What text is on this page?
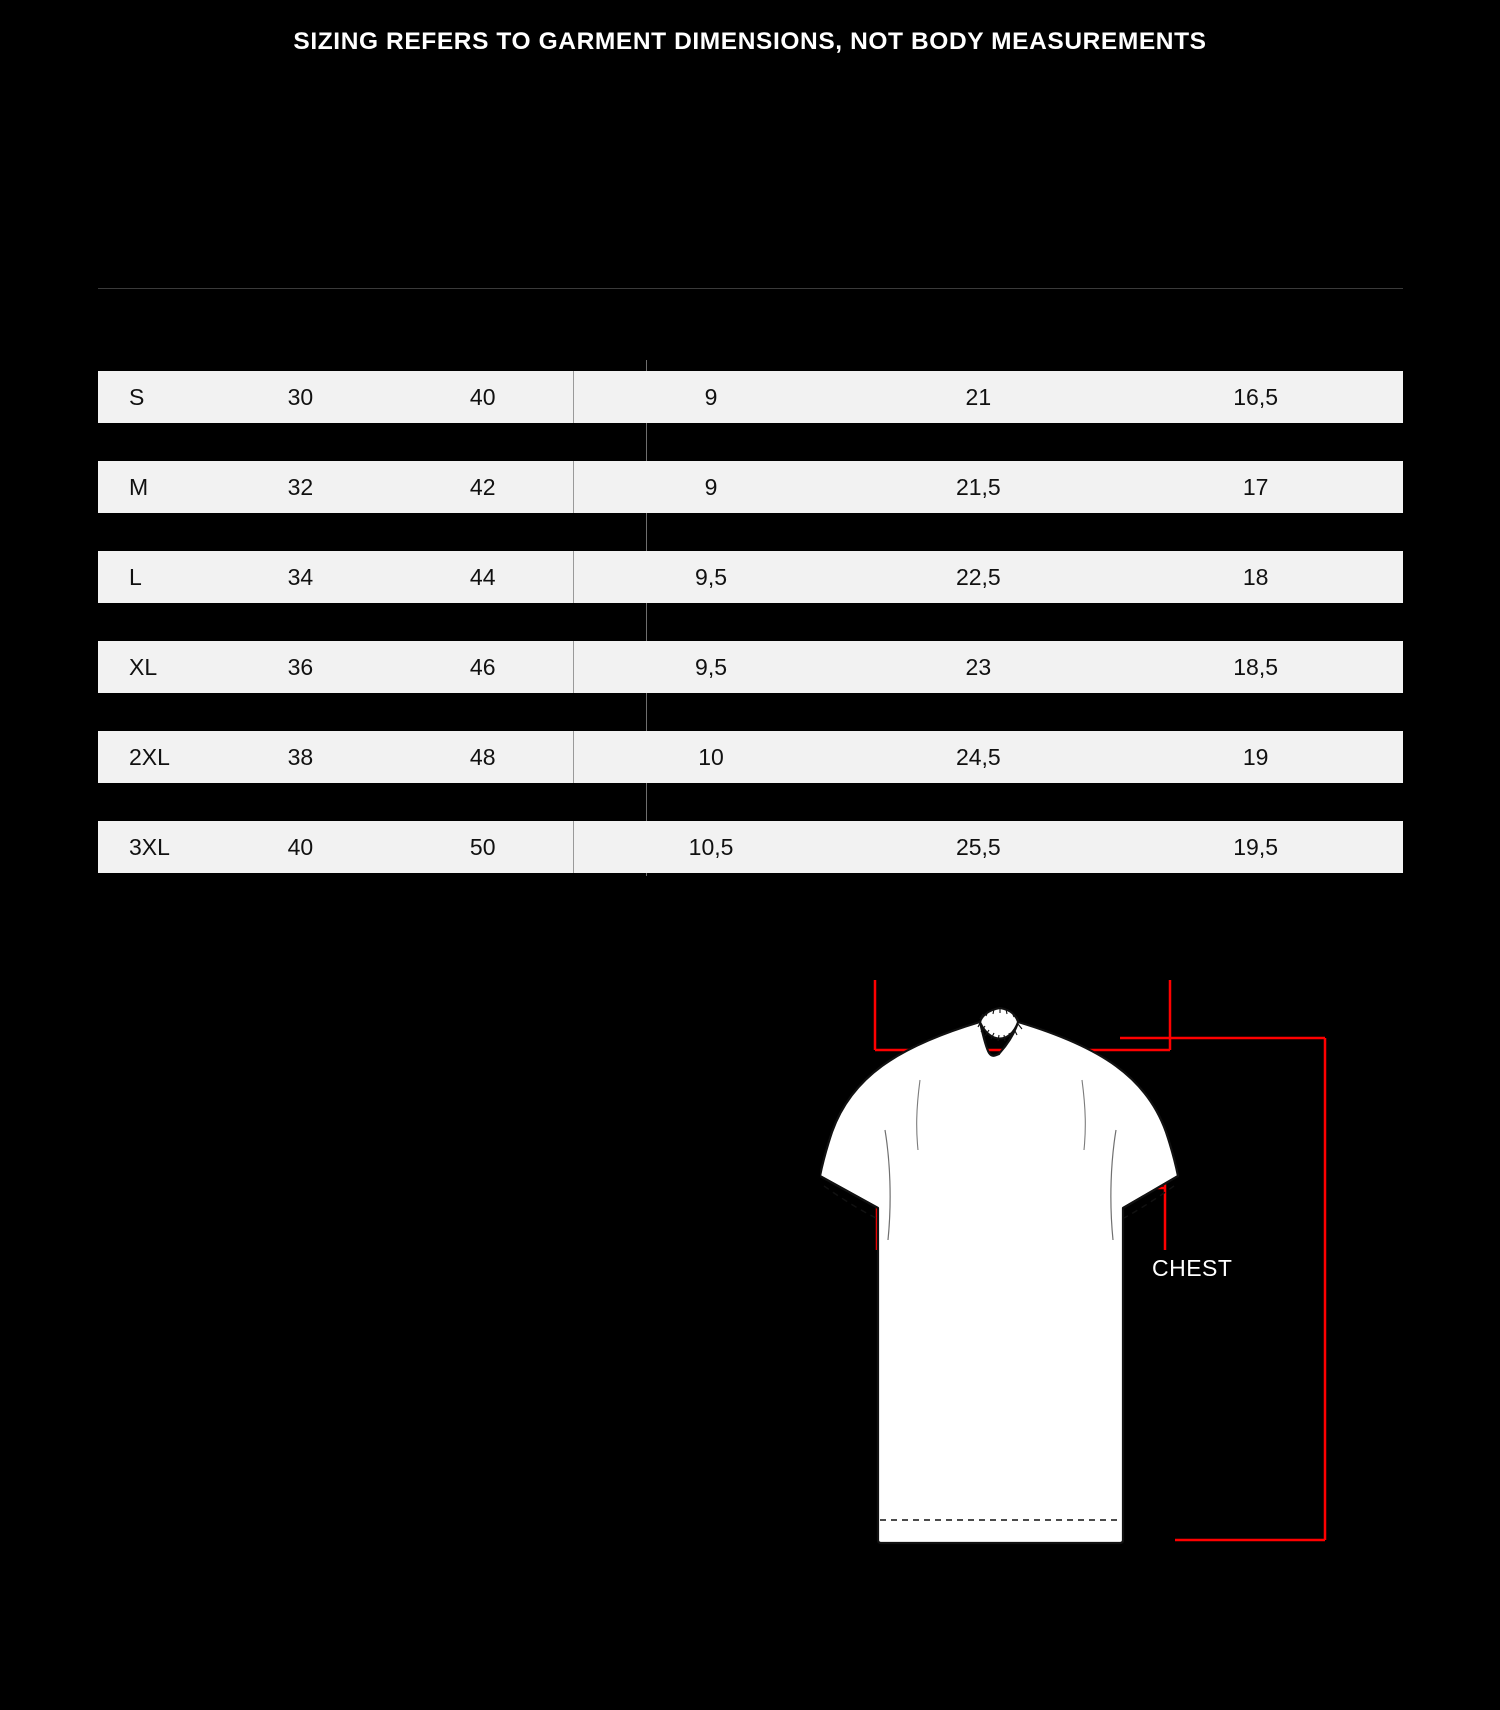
SIZING REFERS TO GARMENT DIMENSIONS, NOT BODY MEASUREMENTS
S	30	40	9	21	16,5
M	32	42	9	21,5	17
L	34	44	9,5	22,5	18
XL	36	46	9,5	23	18,5
2XL	38	48	10	24,5	19
3XL	40	50	10,5	25,5	19,5
CHEST
